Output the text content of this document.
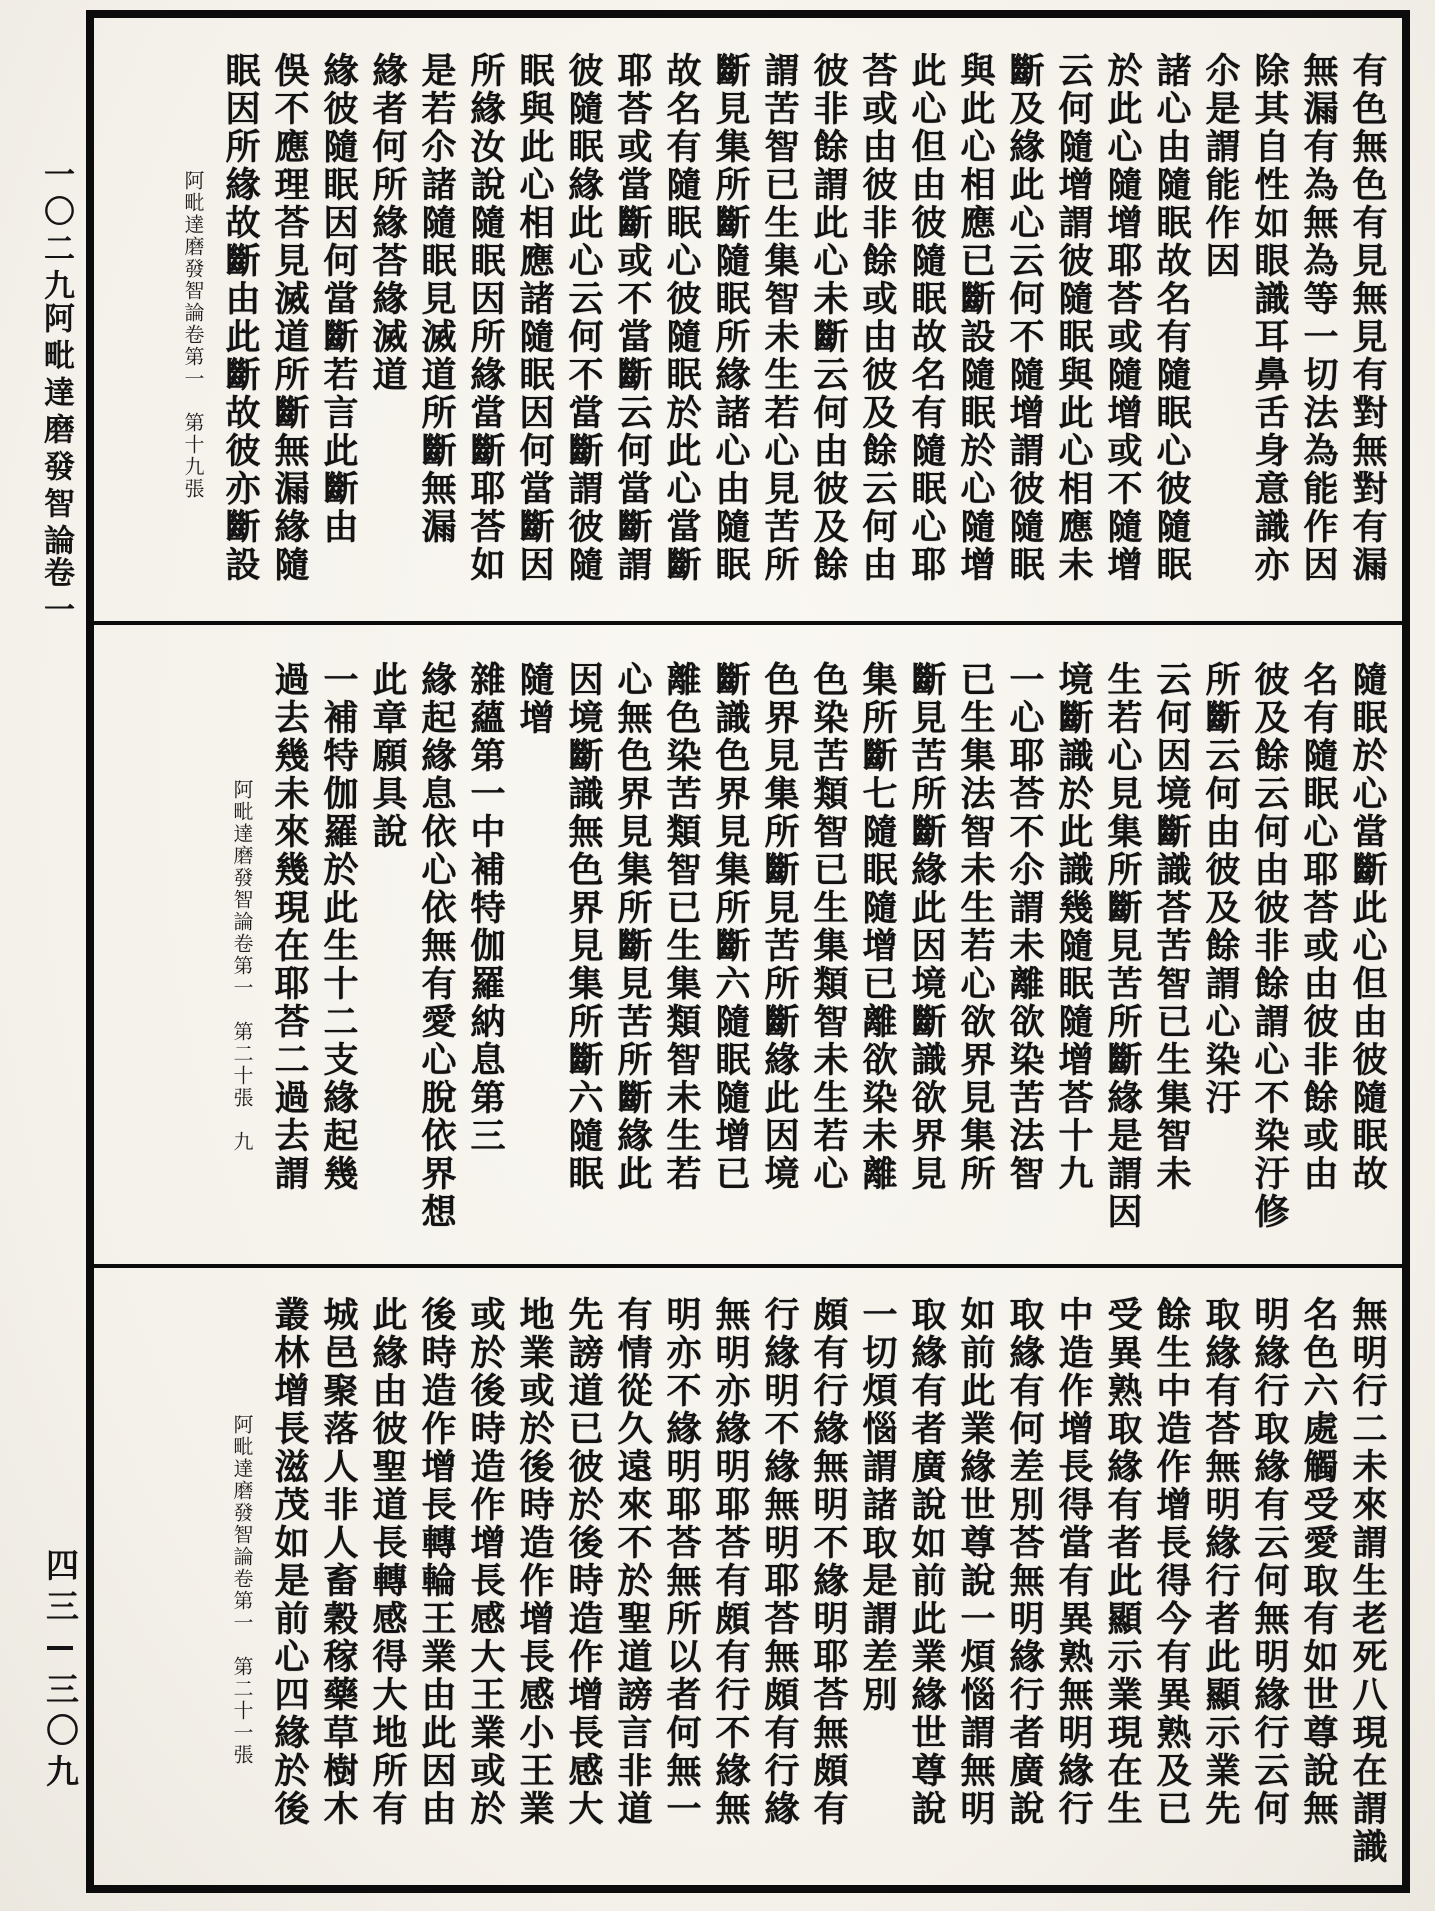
一〇二九
阿毗達磨發智論
卷一
四三
三〇九
有色無色有見無見有對無對有漏
無漏有為無為等一切法為能作因
除其自性如眼識耳鼻舌身意識亦
尒是謂能作因
諸心由隨眠故名有隨眠心彼隨眠
於此心隨增耶荅或隨增或不隨增
云何隨增謂彼隨眠與此心相應未
斷及緣此心云何不隨增謂彼隨眠
與此心相應已斷設隨眠於心隨增
此心但由彼隨眠故名有隨眠心耶
荅或由彼非餘或由彼及餘云何由
彼非餘謂此心未斷云何由彼及餘
謂苦智已生集智未生若心見苦所
斷見集所斷隨眠所緣諸心由隨眠
故名有隨眠心彼隨眠於此心當斷
耶荅或當斷或不當斷云何當斷謂
彼隨眠緣此心云何不當斷謂彼隨
眠與此心相應諸隨眠因何當斷因
所緣汝說隨眠因所緣當斷耶荅如
是若尒諸隨眠見滅道所斷無漏
緣者何所緣荅緣滅道
緣彼隨眠因何當斷若言此斷由
俁不應理荅見滅道所斷無漏緣隨
眠因所緣故斷由此斷故彼亦斷設
阿毗達磨發智論卷第一　第十九張
隨眠於心當斷此心但由彼隨眠故
名有隨眠心耶荅或由彼非餘或由
彼及餘云何由彼非餘謂心不染汙修
所斷云何由彼及餘謂心染汙
云何因境斷識荅苦智已生集智未
生若心見集所斷見苦所斷緣是謂因
境斷識於此識幾隨眠隨增荅十九
一心耶荅不尒謂未離欲染苦法智
已生集法智未生若心欲界見集所
斷見苦所斷緣此因境斷識欲界見
集所斷七隨眠隨增已離欲染未離
色染苦類智已生集類智未生若心
色界見集所斷見苦所斷緣此因境
斷識色界見集所斷六隨眠隨增已
離色染苦類智已生集類智未生若
心無色界見集所斷見苦所斷緣此
因境斷識無色界見集所斷六隨眠
隨增
雜蘊第一中補特伽羅納息第三
緣起緣息依心依無有愛心脫依界想
此章願具說
一補特伽羅於此生十二支緣起幾
過去幾未來幾現在耶荅二過去謂
阿毗達磨發智論卷第一　第二十張　九
無明行二未來謂生老死八現在謂識
名色六處觸受愛取有如世尊說無
明緣行取緣有云何無明緣行云何
取緣有荅無明緣行者此顯示業先
餘生中造作增長得今有異熟及已
受異熟取緣有者此顯示業現在生
中造作增長得當有異熟無明緣行
取緣有何差別荅無明緣行者廣說
如前此業緣世尊說一煩惱謂無明
取緣有者廣說如前此業緣世尊說
一切煩惱謂諸取是謂差別
頗有行緣無明不緣明耶荅無頗有
行緣明不緣無明耶荅無頗有行緣
無明亦緣明耶荅有頗有行不緣無
明亦不緣明耶荅無所以者何無一
有情從久遠來不於聖道謗言非道
先謗道已彼於後時造作增長感大
地業或於後時造作增長感小王業
或於後時造作增長感大王業或於
後時造作增長轉輪王業由此因由
此緣由彼聖道長轉感得大地所有
城邑聚落人非人畜穀稼藥草樹木
叢林增長滋茂如是前心四緣於後
阿毗達磨發智論卷第一　第二十一張
